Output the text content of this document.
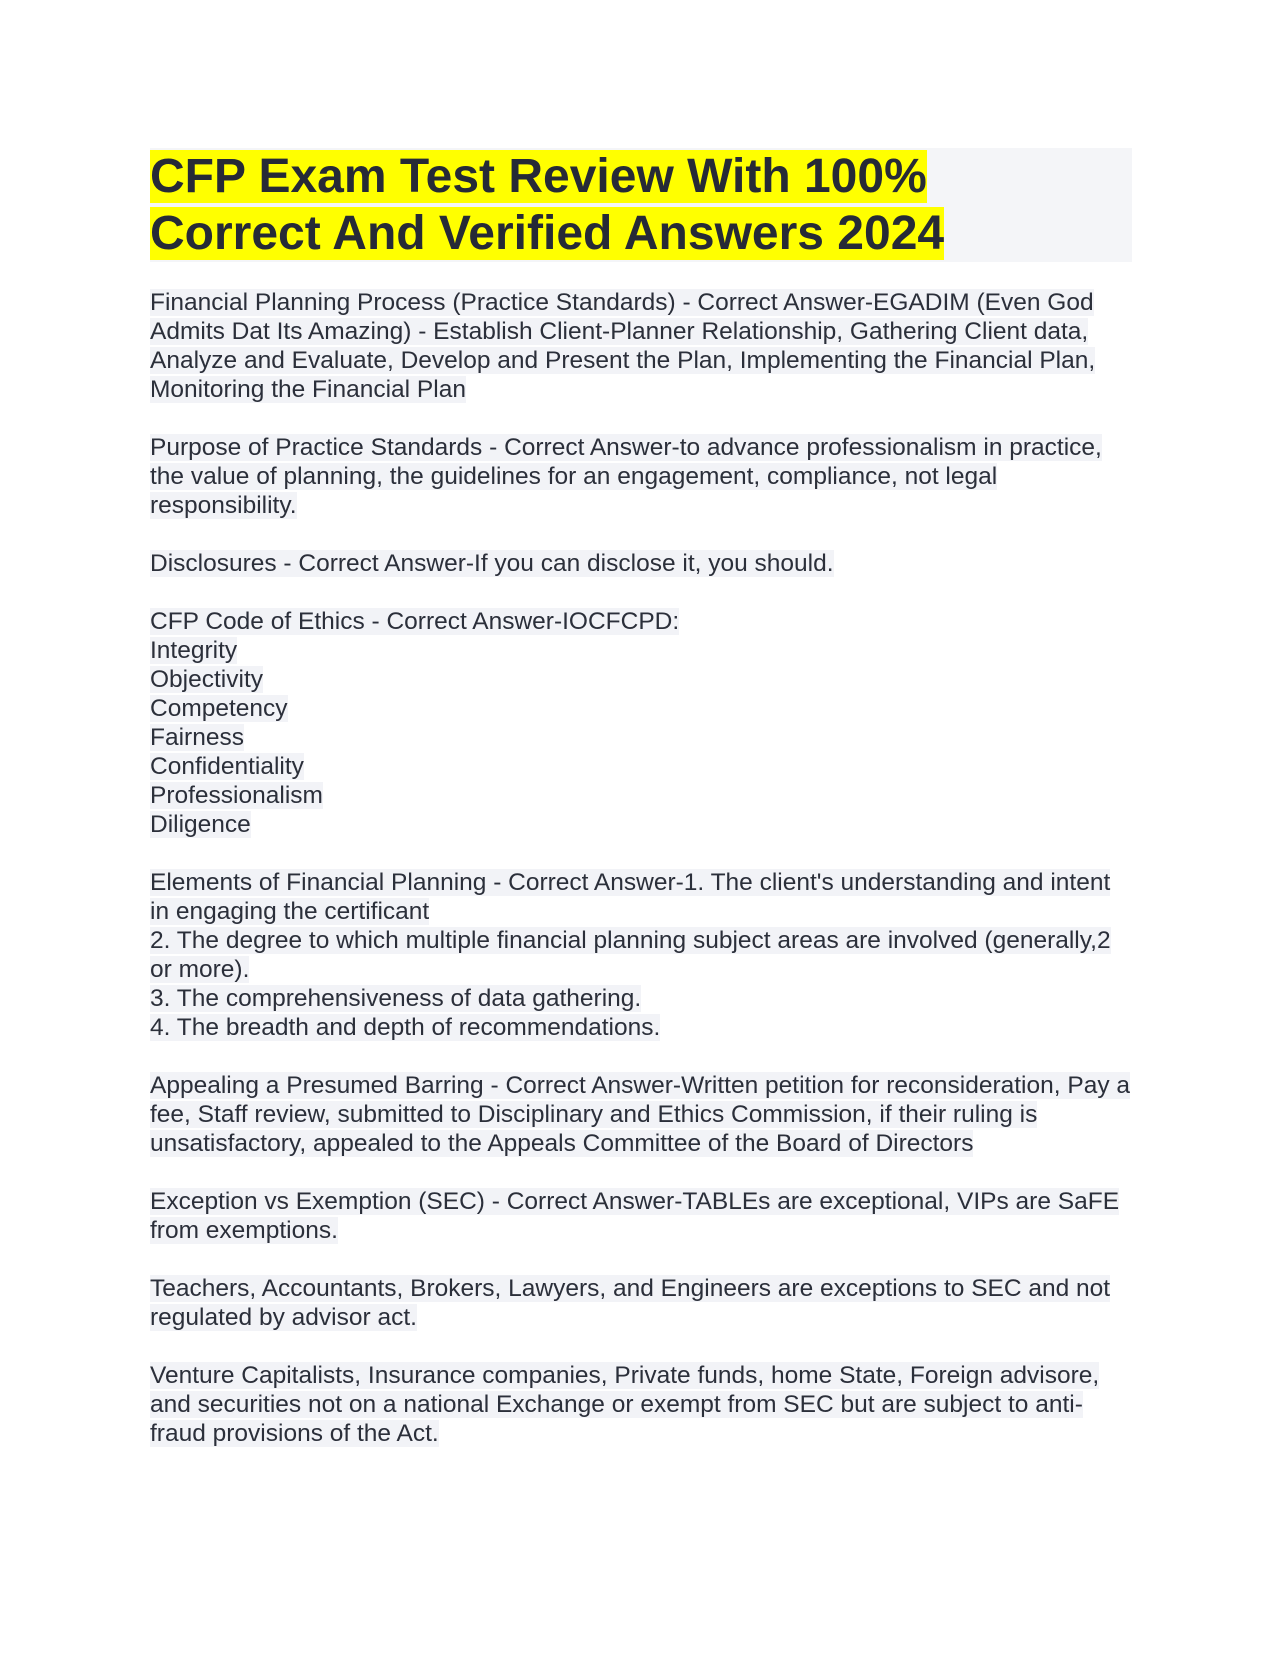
CFP Exam Test Review With 100%
Correct And Verified Answers 2024
Financial Planning Process (Practice Standards) - Correct Answer-EGADIM (Even God Admits Dat Its Amazing) - Establish Client-Planner Relationship, Gathering Client data, Analyze and Evaluate, Develop and Present the Plan, Implementing the Financial Plan, Monitoring the Financial Plan
Purpose of Practice Standards - Correct Answer-to advance professionalism in practice, the value of planning, the guidelines for an engagement, compliance, not legal responsibility.
Disclosures - Correct Answer-If you can disclose it, you should.
CFP Code of Ethics - Correct Answer-IOCFCPD:
Integrity
Objectivity
Competency
Fairness
Confidentiality
Professionalism
Diligence
Elements of Financial Planning - Correct Answer-1. The client's understanding and intent in engaging the certificant
2. The degree to which multiple financial planning subject areas are involved (generally,2 or more).
3. The comprehensiveness of data gathering.
4. The breadth and depth of recommendations.
Appealing a Presumed Barring - Correct Answer-Written petition for reconsideration, Pay a fee, Staff review, submitted to Disciplinary and Ethics Commission, if their ruling is unsatisfactory, appealed to the Appeals Committee of the Board of Directors
Exception vs Exemption (SEC) - Correct Answer-TABLEs are exceptional, VIPs are SaFE from exemptions.
Teachers, Accountants, Brokers, Lawyers, and Engineers are exceptions to SEC and not regulated by advisor act.
Venture Capitalists, Insurance companies, Private funds, home State, Foreign advisore, and securities not on a national Exchange or exempt from SEC but are subject to anti-fraud provisions of the Act.
